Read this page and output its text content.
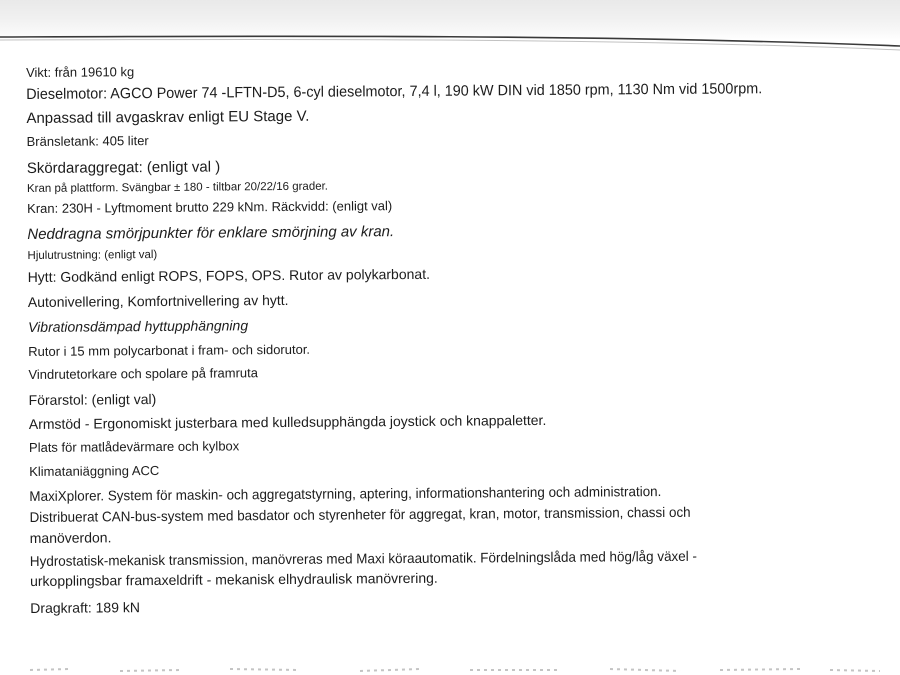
Vikt: från 19610 kg
Dieselmotor: AGCO Power 74 -LFTN-D5, 6-cyl dieselmotor, 7,4 l, 190 kW DIN vid 1850 rpm, 1130 Nm vid 1500rpm.
Anpassad till avgaskrav enligt EU Stage V.
Bränsletank: 405 liter
Skördaraggregat: (enligt val )
Kran på plattform. Svängbar ± 180 - tiltbar 20/22/16 grader.
Kran: 230H - Lyftmoment brutto 229 kNm. Räckvidd: (enligt val)
Neddragna smörjpunkter för enklare smörjning av kran.
Hjulutrustning: (enligt val)
Hytt: Godkänd enligt ROPS, FOPS, OPS. Rutor av polykarbonat.
Autonivellering, Komfortnivellering av hytt.
Vibrationsdämpad hyttupphängning
Rutor i 15 mm polycarbonat i fram- och sidorutor.
Vindrutetorkare och spolare på framruta
Förarstol: (enligt val)
Armstöd - Ergonomiskt justerbara med kulledsupphängda joystick och knappaletter.
Plats för matlådevärmare och kylbox
Klimataniäggning ACC
MaxiXplorer. System för maskin- och aggregatstyrning, aptering, informationshantering och administration.
Distribuerat CAN-bus-system med basdator och styrenheter för aggregat, kran, motor, transmission, chassi och
manöverdon.
Hydrostatisk-mekanisk transmission, manövreras med Maxi köraautomatik. Fördelningslåda med hög/låg växel -
urkopplingsbar framaxeldrift - mekanisk elhydraulisk manövrering.
Dragkraft: 189 kN
